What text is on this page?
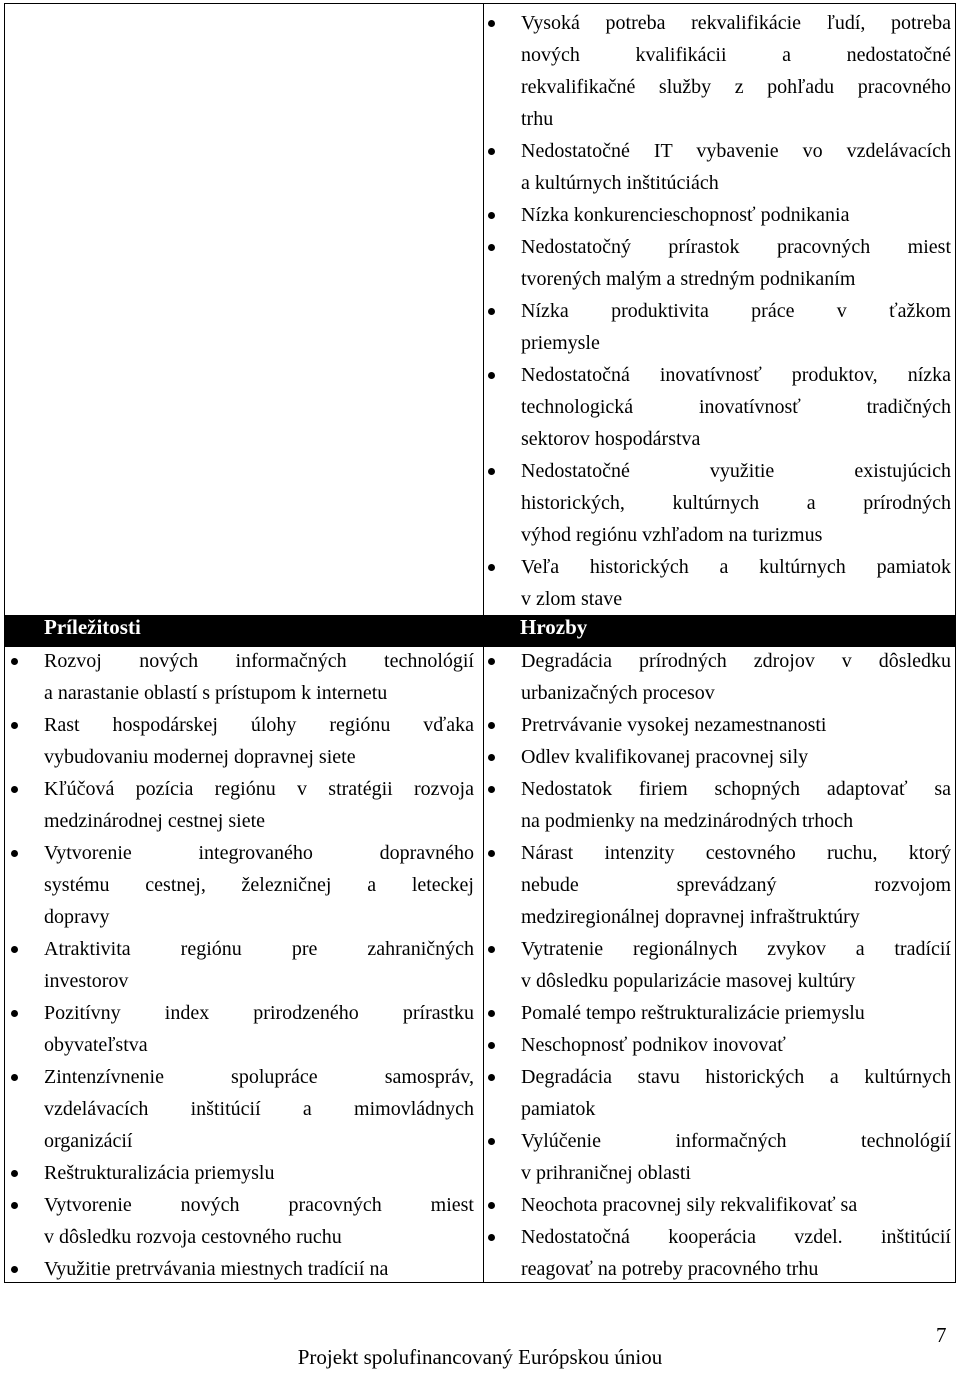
Príležitosti	Hrozby
Vysoká potreba rekvalifikácie ľudí, potreba
nových kvalifikácii a nedostatočné
rekvalifikačné služby z pohľadu pracovného
trhu
Nedostatočné IT vybavenie vo vzdelávacích
a kultúrnych inštitúciách
Nízka konkurencieschopnosť podnikania
Nedostatočný prírastok pracovných miest
tvorených malým a stredným podnikaním
Nízka produktivita práce v ťažkom
priemysle
Nedostatočná inovatívnosť produktov, nízka
technologická inovatívnosť tradičných
sektorov hospodárstva
Nedostatočné využitie existujúcich
historických, kultúrnych a prírodných
výhod regiónu vzhľadom na turizmus
Veľa historických a kultúrnych pamiatok
v zlom stave
Rozvoj nových informačných technológií
a narastanie oblastí s prístupom k internetu
Rast hospodárskej úlohy regiónu vďaka
vybudovaniu modernej dopravnej siete
Kľúčová pozícia regiónu v stratégii rozvoja
medzinárodnej cestnej siete
Vytvorenie integrovaného dopravného
systému cestnej, železničnej a leteckej
dopravy
Atraktivita regiónu pre zahraničných
investorov
Pozitívny index prirodzeného prírastku
obyvateľstva
Zintenzívnenie spolupráce samospráv,
vzdelávacích inštitúcií a mimovládnych
organizácií
Reštrukturalizácia priemyslu
Vytvorenie nových pracovných miest
v dôsledku rozvoja cestovného ruchu
Využitie pretrvávania miestnych tradícií na
Degradácia prírodných zdrojov v dôsledku
urbanizačných procesov
Pretrvávanie vysokej nezamestnanosti
Odlev kvalifikovanej pracovnej sily
Nedostatok firiem schopných adaptovať sa
na podmienky na medzinárodných trhoch
Nárast intenzity cestovného ruchu, ktorý
nebude sprevádzaný rozvojom
medziregionálnej dopravnej infraštruktúry
Vytratenie regionálnych zvykov a tradícií
v dôsledku popularizácie masovej kultúry
Pomalé tempo reštrukturalizácie priemyslu
Neschopnosť podnikov inovovať
Degradácia stavu historických a kultúrnych
pamiatok
Vylúčenie informačných technológií
v prihraničnej oblasti
Neochota pracovnej sily rekvalifikovať sa
Nedostatočná kooperácia vzdel. inštitúcií
reagovať na potreby pracovného trhu
7
Projekt spolufinancovaný Európskou úniou
